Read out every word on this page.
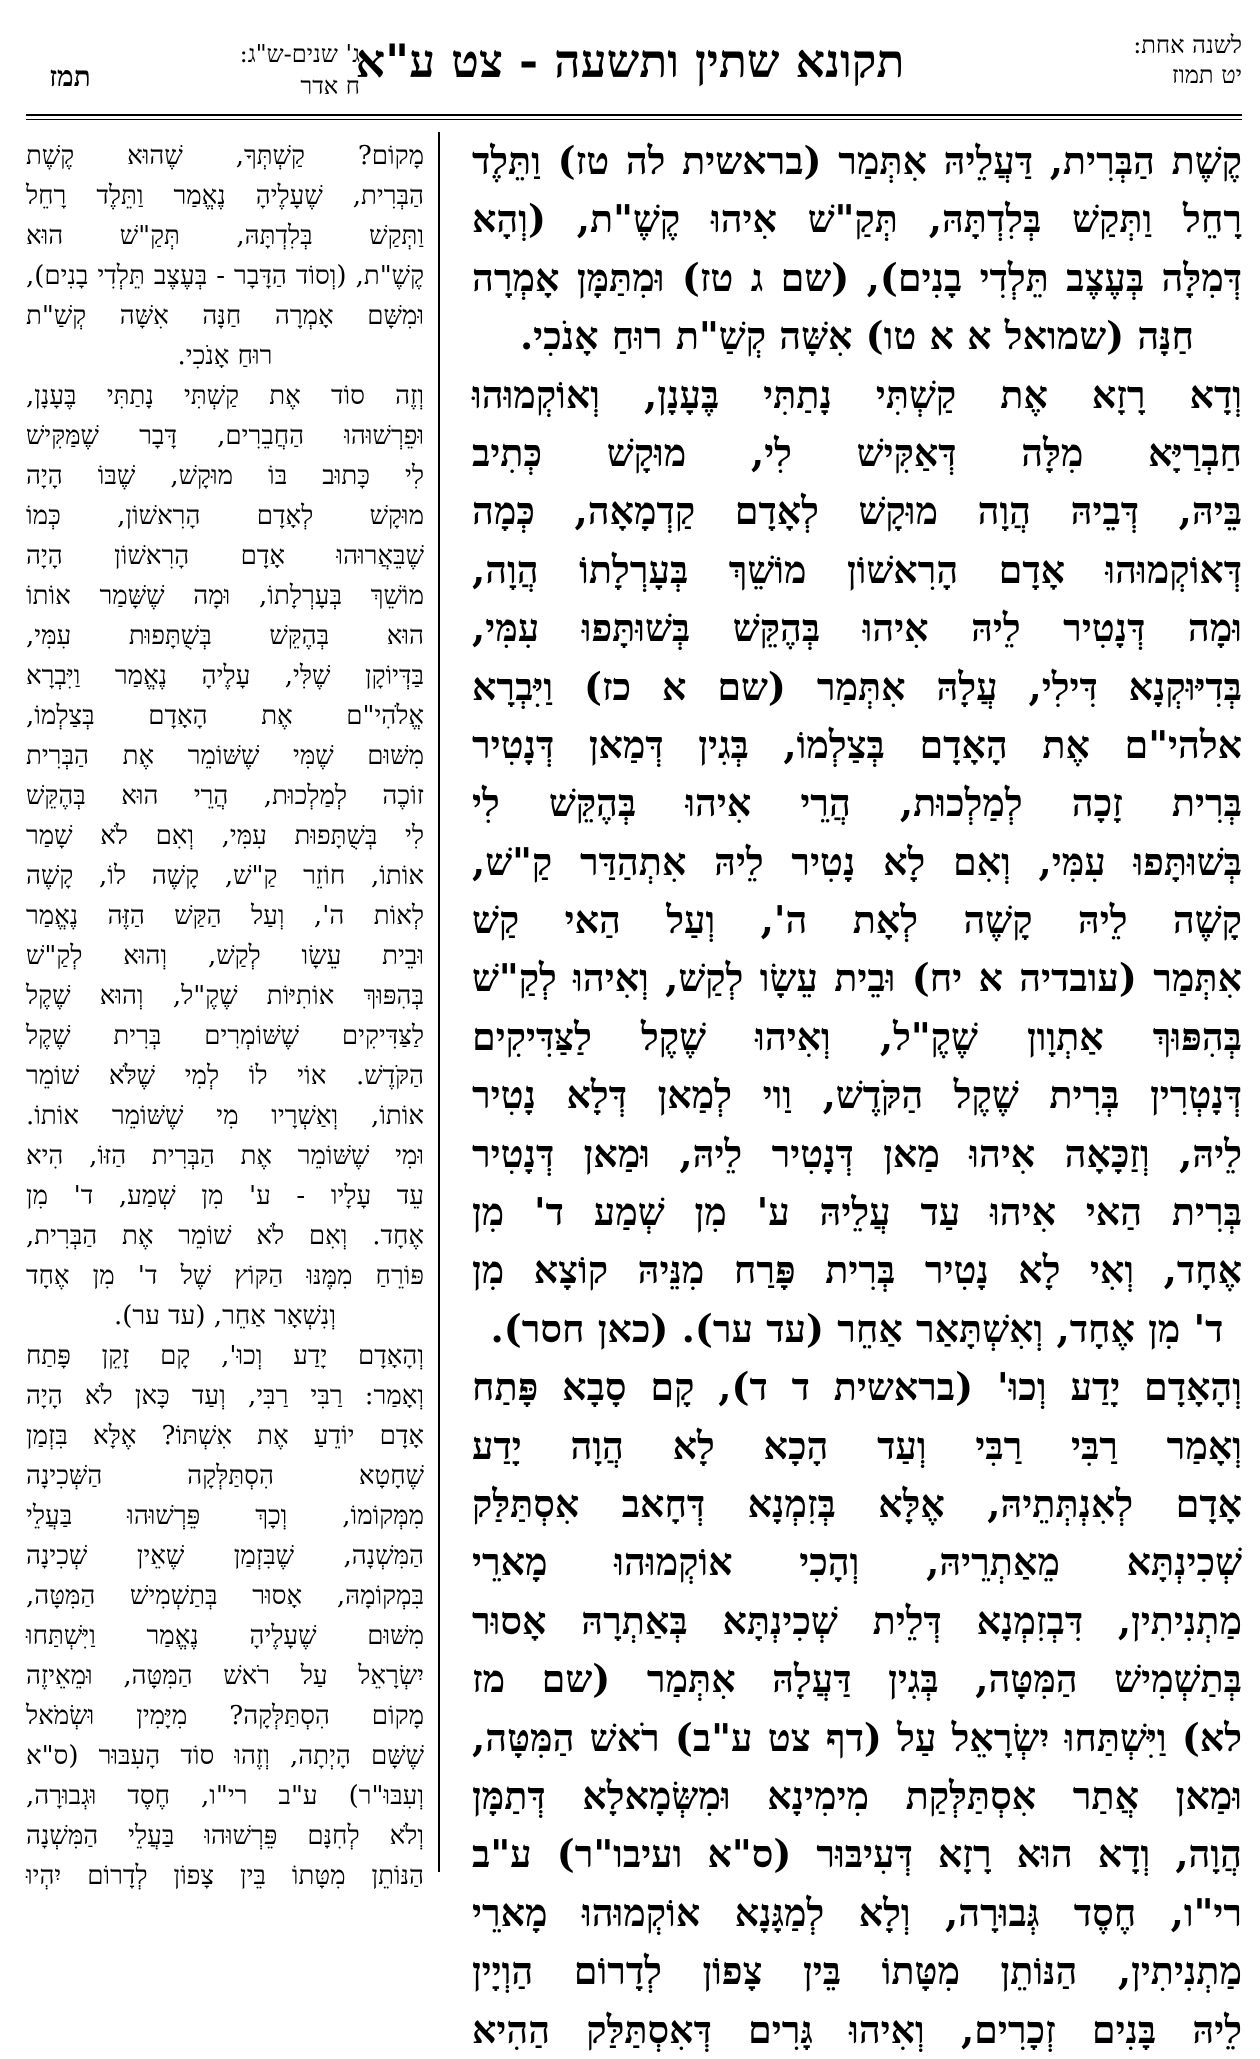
לשנה אחת:
יט תמוז
תקונא שתין ותשעה - צט ע"א
ג' שנים-ש"ג:
ח אדר
תמז
קֶשֶׁת הַבְּרִית, דַּעֲלֵיהּ אִתְּמַר (בראשית לה טז) וַתֵּלֶד
רָחֵל וַתְּקַשׁ בְּלִדְתָּהּ, תְּקַ"שׁ אִיהוּ קֶשֶׁ"ת, (וְהָא
דְּמִלָּה בְּעֶצֶב תֵּלְדִי בָנִים), (שם ג טז) וּמִתַּמָּן אָמְרָה
חַנָּה (שמואל א א טו) אִשָּׁה קְשַׁ"ת רוּחַ אָנֹכִי.
וְדָא רָזָא אֶת קַשְׁתִּי נָתַתִּי בֶּעָנָן, וְאוֹקְמוּהוּ
חַבְרַיָּא מִלָּה דְּאַקִּישׁ לִי, מוּקָשׁ כְּתִיב
בֵּיהּ, דְּבֵיהּ הֲוָה מוּקָשׁ לְאָדָם קַדְמָאָה, כְּמָה
דְּאוֹקְמוּהוּ אָדָם הָרִאשׁוֹן מוֹשֵׁךְ בְּעָרְלָתוֹ הֲוָה,
וּמָה דְּנָטִיר לֵיהּ אִיהוּ בְּהֶקֵּשׁ בְּשׁוּתָּפוּ עִמִּי,
בְּדִיּוּקְנָא דִּילִי, עֲלָהּ אִתְּמַר (שם א כז) וַיִּבְרָא
אלהי"ם אֶת הָאָדָם בְּצַלְמוֹ, בְּגִין דְּמַאן דְּנָטִיר
בְּרִית זָכָה לְמַלְכוּת, הֲרֵי אִיהוּ בְּהֶקֵּשׁ לִי
בְּשׁוּתָּפוּ עִמִּי, וְאִם לָא נָטִיר לֵיהּ אִתְהַדַּר קַ"שׁ,
קָשֶׁה לֵיהּ קָשֶׁה לְאָת ה', וְעַל הַאי קַשׁ
אִתְּמַר (עובדיה א יח) וּבֵית עֵשָׂו לְקַשׁ, וְאִיהוּ לְקַ"שׁ
בְּהִפּוּךְ אַתְוָון שֶׁקֶ"ל, וְאִיהוּ שֶׁקֶל לַצַּדִּיקִים
דְּנָטְרִין בְּרִית שֶׁקֶל הַקֹּדֶשׁ, וַוי לְמַאן דְּלָא נָטִיר
לֵיהּ, וְזַכָּאָה אִיהוּ מַאן דְּנָטִיר לֵיהּ, וּמַאן דְּנָטִיר
בְּרִית הַאי אִיהוּ עַד עֲלֵיהּ ע' מִן שְׁמַע ד' מִן
אֶחָד, וְאִי לָא נָטִיר בְּרִית פָּרַח מִנֵּיהּ קוֹצָא מִן
ד' מִן אֶחָד, וְאִשְׁתָּאַר אַחֵר (עד ער). (כאן חסר).
וְהָאָדָם יָדַע וְכוּ' (בראשית ד ד), קָם סָבָא פָּתַח
וְאָמַר רַבִּי רַבִּי וְעַד הָכָא לָא הֲוָה יָדַע
אָדָם לְאִנְתְּתֵיהּ, אֶלָּא בְּזִמְנָא דְּחָאב אִסְתַּלַּק
שְׁכִינְתָּא מֵאַתְרֵיהּ, וְהָכִי אוֹקְמוּהוּ מָארֵי
מַתְנִיתִין, דִּבְזִמְנָא דְּלֵית שְׁכִינְתָּא בְּאַתְרָהּ אָסוּר
בְּתַשְׁמִישׁ הַמִּטָּה, בְּגִין דַּעֲלָהּ אִתְּמַר (שם מז
לא) וַיִּשְׁתַּחוּ יִשְׂרָאֵל עַל (דף צט ע"ב) רֹאשׁ הַמִּטָּה,
וּמַאן אֲתַר אִסְתַּלְּקַת מִימִינָא וּמִשְּׂמָאלָא דְּתַמָּן
הֲוָה, וְדָא הוּא רָזָא דְּעִיבּוּר (ס"א ועיבו"ר) ע"ב
רי"ו, חֶסֶד גְּבוּרָה, וְלָא לְמַגָּנָא אוֹקְמוּהוּ מָארֵי
מַתְנִיתִין, הַנּוֹתֵן מִטָּתוֹ בֵּין צָפוֹן לְדָרוֹם הַוְיָין
לֵיהּ בָּנִים זְכָרִים, וְאִיהוּ גָּרִים דְּאִסְתַּלַּק הַהִיא
מָקוֹם? קַשְׁתְּךָ, שֶׁהוּא קֶשֶׁת
הַבְּרִית, שֶׁעָלֶיהָ נֶאֱמַר וַתֵּלֶד רָחֵל
וַתְּקַשׁ בְּלִדְתָּהּ, תְּקַ"שׁ הוּא
קֶשֶׁ"ת, (וְסוֹד הַדָּבָר - בְּעֶצֶב תֵּלְדִי בָנִים),
וּמִשָּׁם אָמְרָה חַנָּה אִשָּׁה קְשַׁ"ת
רוּחַ אָנֹכִי.
וְזֶה סוֹד אֶת קַשְׁתִּי נָתַתִּי בֶּעָנָן,
וּפֵרְשׁוּהוּ הַחֲבֵרִים, דָּבָר שֶׁמַּקִּישׁ
לִי כָּתוּב בּוֹ מוּקָשׁ, שֶׁבּוֹ הָיָה
מוּקָשׁ לְאָדָם הָרִאשׁוֹן, כְּמוֹ
שֶׁבֵּאֲרוּהוּ אָדָם הָרִאשׁוֹן הָיָה
מוֹשֵׁךְ בְּעָרְלָתוֹ, וּמָה שֶׁשָּׁמַר אוֹתוֹ
הוּא בְּהֶקֵּשׁ בְּשֻׁתָּפוּת עִמִּי,
בַּדְּיוֹקָן שֶׁלִּי, עָלֶיהָ נֶאֱמַר וַיִּבְרָא
אֱלֹהִי"ם אֶת הָאָדָם בְּצַלְמוֹ,
מִשּׁוּם שֶׁמִּי שֶׁשּׁוֹמֵר אֶת הַבְּרִית
זוֹכֶה לְמַלְכוּת, הֲרֵי הוּא בְּהֶקֵּשׁ
לִי בְּשֻׁתָּפוּת עִמִּי, וְאִם לֹא שָׁמַר
אוֹתוֹ, חוֹזֵר קַ"שׁ, קָשֶׁה לוֹ, קָשֶׁה
לְאוֹת ה', וְעַל הַקַּשׁ הַזֶּה נֶאֱמַר
וּבֵית עֵשָׂו לְקַשׁ, וְהוּא לְקַ"שׁ
בְּהִפּוּךְ אוֹתִיּוֹת שֶׁקֶ"ל, וְהוּא שֶׁקֶל
לַצַּדִּיקִים שֶׁשּׁוֹמְרִים בְּרִית שֶׁקֶל
הַקֹּדֶשׁ. אוֹי לוֹ לְמִי שֶׁלֹּא שׁוֹמֵר
אוֹתוֹ, וְאַשְׁרָיו מִי שֶׁשּׁוֹמֵר אוֹתוֹ.
וּמִי שֶׁשּׁוֹמֵר אֶת הַבְּרִית הַזּוֹ, הִיא
עֵד עָלָיו - ע' מִן שְׁמַע, ד' מִן
אֶחָד. וְאִם לֹא שׁוֹמֵר אֶת הַבְּרִית,
פּוֹרֵחַ מִמֶּנּוּ הַקּוֹץ שֶׁל ד' מִן אֶחָד
וְנִשְׁאָר אַחֵר, (עד ער).
וְהָאָדָם יָדַע וְכוּ', קָם זָקֵן פָּתַח
וְאָמַר: רַבִּי רַבִּי, וְעַד כָּאן לֹא הָיָה
אָדָם יוֹדֵעַ אֶת אִשְׁתּוֹ? אֶלָּא בִּזְמַן
שֶׁחָטָא הִסְתַּלְּקָה הַשְּׁכִינָה
מִמְּקוֹמוֹ, וְכָךְ פֵּרְשׁוּהוּ בַּעֲלֵי
הַמִּשְׁנָה, שֶׁבִּזְמַן שֶׁאֵין שְׁכִינָה
בִּמְקוֹמָהּ, אָסוּר בְּתַשְׁמִישׁ הַמִּטָּה,
מִשּׁוּם שֶׁעָלֶיהָ נֶאֱמַר וַיִּשְׁתַּחוּ
יִשְׂרָאֵל עַל רֹאשׁ הַמִּטָּה, וּמֵאֵיזֶה
מָקוֹם הִסְתַּלְּקָה? מִיָּמִין וּשְׂמֹאל
שֶׁשָּׁם הָיְתָה, וְזֶהוּ סוֹד הָעִבּוּר (ס"א
וְעִבּוּ"ר) ע"ב רי"ו, חֶסֶד וּגְבוּרָה,
וְלֹא לְחִנָּם פֵּרְשׁוּהוּ בַּעֲלֵי הַמִּשְׁנָה
הַנּוֹתֵן מִטָּתוֹ בֵּין צָפוֹן לְדָרוֹם יִהְיוּ
